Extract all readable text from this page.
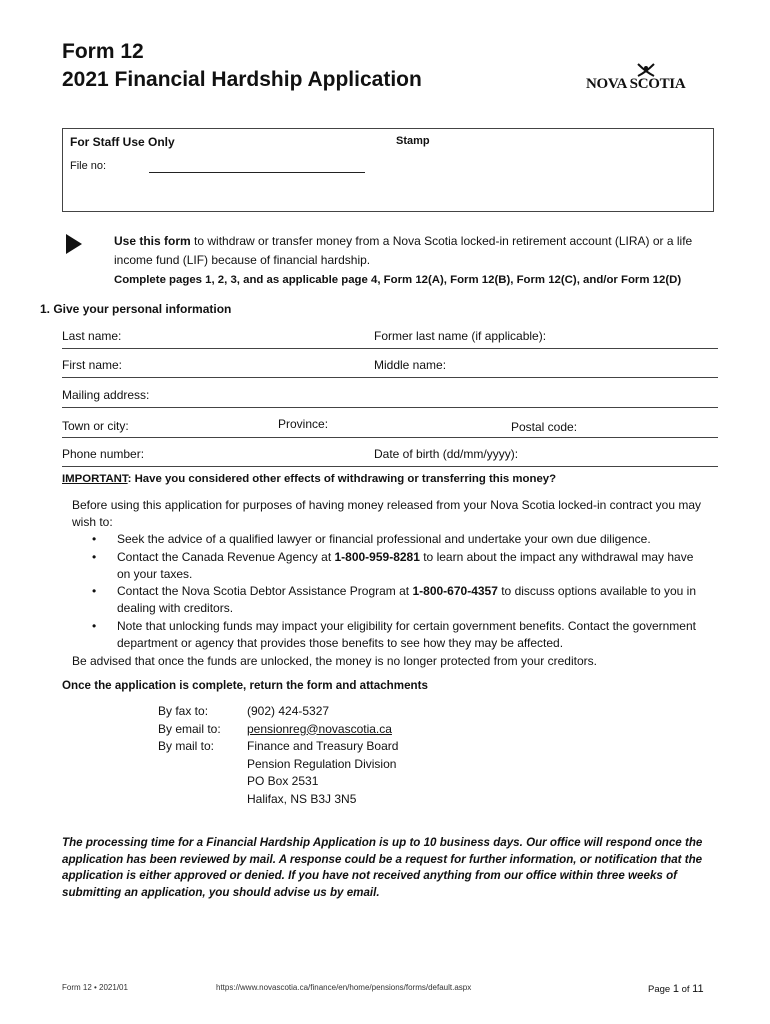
Form 12
2021 Financial Hardship Application	NOVA SCOTIA
For Staff Use Only	Stamp
File no:
Use this form to withdraw or transfer money from a Nova Scotia locked-in retirement account (LIRA) or a life income fund (LIF) because of financial hardship.
Complete pages 1, 2, 3, and as applicable page 4, Form 12(A), Form 12(B), Form 12(C), and/or Form 12(D)
1. Give your personal information
Last name:	Former last name (if applicable):
First name:	Middle name:
Mailing address:
Town or city:	Province:	Postal code:
Phone number:	Date of birth (dd/mm/yyyy):
IMPORTANT: Have you considered other effects of withdrawing or transferring this money?
Before using this application for purposes of having money released from your Nova Scotia locked-in contract you may wish to:
• Seek the advice of a qualified lawyer or financial professional and undertake your own due diligence.
• Contact the Canada Revenue Agency at 1-800-959-8281 to learn about the impact any withdrawal may have on your taxes.
• Contact the Nova Scotia Debtor Assistance Program at 1-800-670-4357 to discuss options available to you in dealing with creditors.
• Note that unlocking funds may impact your eligibility for certain government benefits. Contact the government department or agency that provides those benefits to see how they may be affected.
Be advised that once the funds are unlocked, the money is no longer protected from your creditors.
Once the application is complete, return the form and attachments
By fax to:	(902) 424-5327
By email to: pensionreg@novascotia.ca
By mail to:	Finance and Treasury Board
Pension Regulation Division
PO Box 2531
Halifax, NS B3J 3N5
The processing time for a Financial Hardship Application is up to 10 business days. Our office will respond once the application has been reviewed by mail. A response could be a request for further information, or notification that the application is either approved or denied. If you have not received anything from our office within three weeks of submitting an application, you should advise us by email.
Form 12 • 2021/01	https://www.novascotia.ca/finance/en/home/pensions/forms/default.aspx	Page 1 of 11
